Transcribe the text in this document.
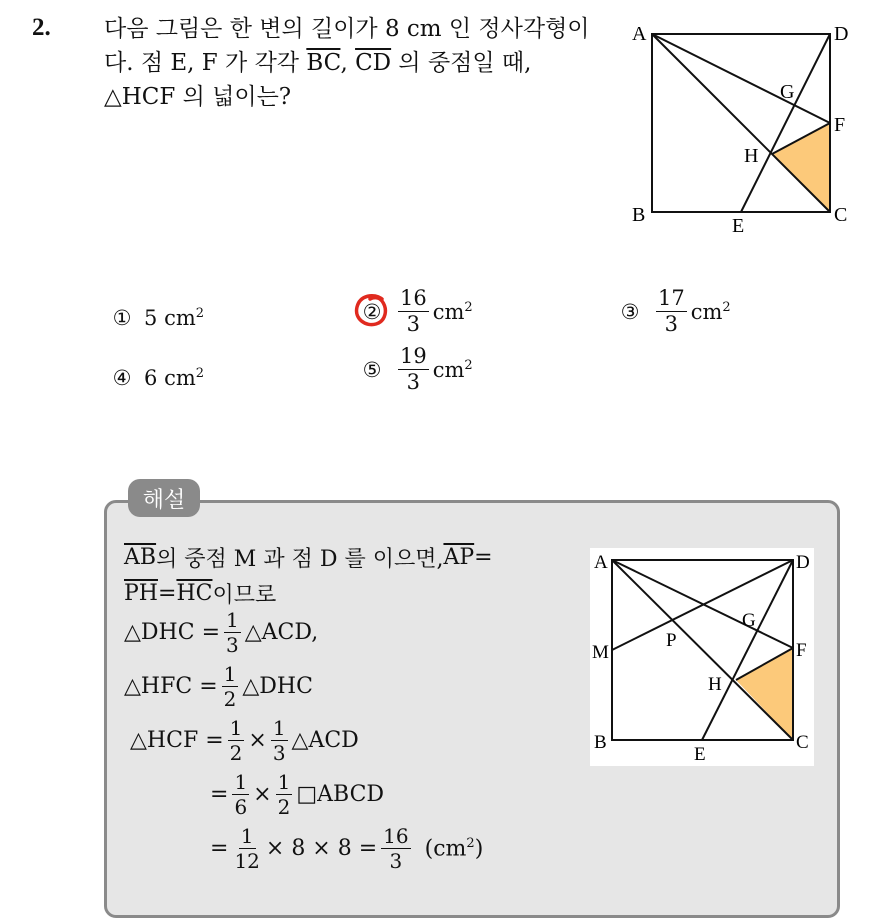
2. 다음 그림은 한 변의 길이가 8 cm 인 정사각형이다. 점 E, F 가 각각 $\overline{BC}$, $\overline{CD}$ 의 중점일 때, △HCF 의 넓이는?
A	D
B	C
E
F
G
H
① 5
$cm^2$	② $\frac{16}{3} cm^2$	③ $\frac{17}{3} cm^2$
④ 6
$cm^2$	⑤ $\frac{19}{3} cm^2$
해설
$\overline{AB}$ 의 중점 M 과 점 D 를 이으면, $\overline{AP}$ =
$\overline{PH} = \overline{HC}$ 이므로
△DHC = $\frac{1}{3}$ △ACD,
△HFC = $\frac{1}{2}$ △DHC
△HCF = $\frac{1}{2} \times \frac{1}{3}$ △ACD
= $\frac{1}{6} \times \frac{1}{2}$ □ABCD
= $\frac{1}{12} \times 8 \times 8 = \frac{16}{3} (cm^2)$
A	D
M
P
G
F
H
B	C
E
